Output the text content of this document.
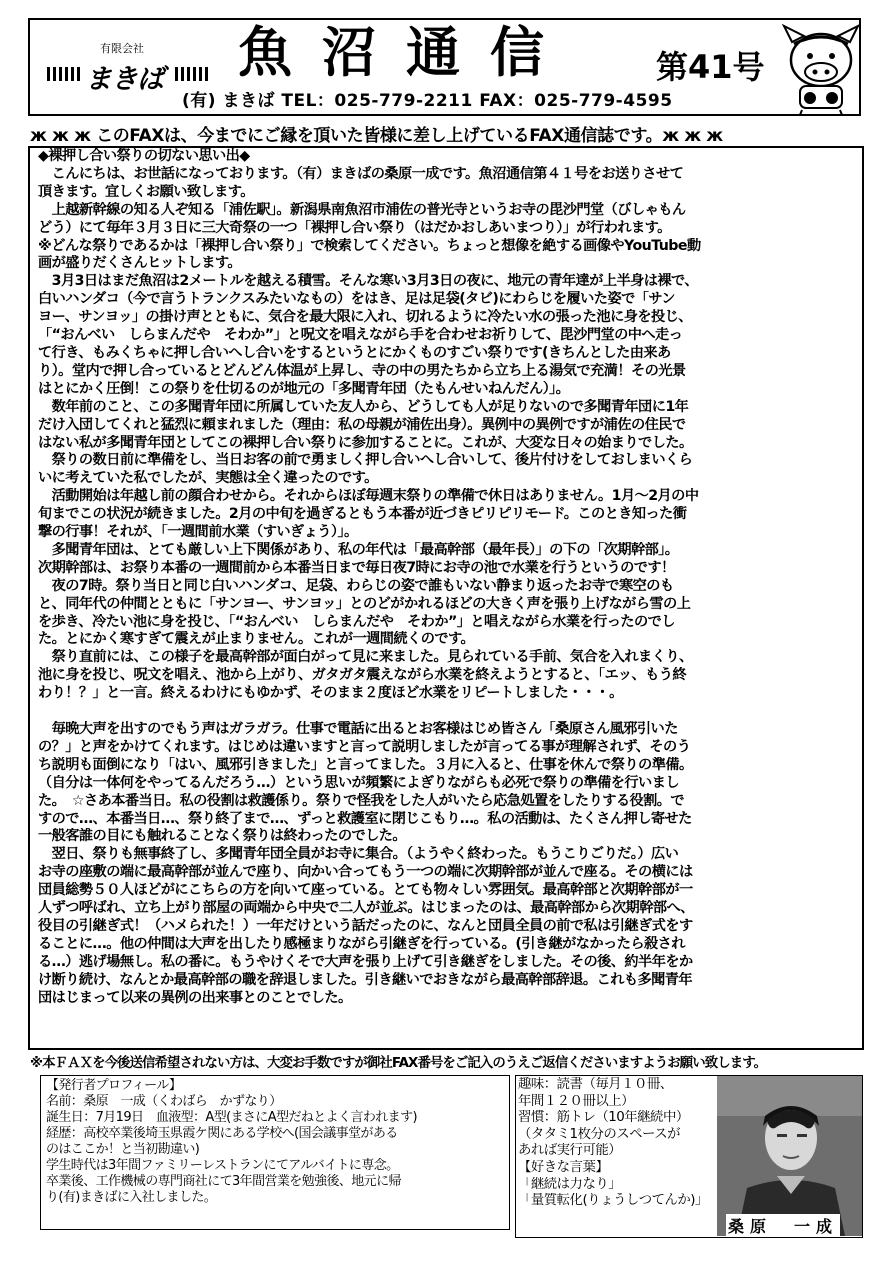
有限会社
まきば 魚沼通信	第41号
(有) まきば TEL：025-779-2211 FAX：025-779-4595
ж ж ж このFAXは、今までにご縁を頂いた皆様に差し上げているFAX通信誌です。ж ж ж

◆裸押し合い祭りの切ない思い出◆

　こんにちは、お世話になっております。（有）まきばの桑原一成です。魚沼通信第４１号をお送りさせて

頂きます。宜しくお願い致します。

　上越新幹線の知る人ぞ知る「浦佐駅」。新潟県南魚沼市浦佐の普光寺というお寺の毘沙門堂（びしゃもん

どう）にて毎年３月３日に三大奇祭の一つ「裸押し合い祭り（はだかおしあいまつり）」が行われます。

※どんな祭りであるかは「裸押し合い祭り」で検索してください。ちょっと想像を絶する画像やYouTube動

画が盛りだくさんヒットします。

　3月3日はまだ魚沼は2メートルを越える積雪。そんな寒い3月3日の夜に、地元の青年達が上半身は裸で、

白いハンダコ（今で言うトランクスみたいなもの）をはき、足は足袋(タビ)にわらじを履いた姿で「サン

ヨー、サンヨッ」の掛け声とともに、気合を最大限に入れ、切れるように冷たい水の張った池に身を投じ、

「“おんべい　しらまんだや　そわか”」と呪文を唱えながら手を合わせお祈りして、毘沙門堂の中へ走っ

て行き、もみくちゃに押し合いへし合いをするというとにかくものすごい祭りです(きちんとした由来あ

り）。堂内で押し合っているとどんどん体温が上昇し、寺の中の男たちから立ち上る湯気で充満！その光景

はとにかく圧倒！この祭りを仕切るのが地元の「多聞青年団（たもんせいねんだん）」。

　数年前のこと、この多聞青年団に所属していた友人から、どうしても人が足りないので多聞青年団に1年

だけ入団してくれと猛烈に頼まれました（理由：私の母親が浦佐出身）。異例中の異例ですが浦佐の住民で

はない私が多聞青年団としてこの裸押し合い祭りに参加することに。これが、大変な日々の始まりでした。

　祭りの数日前に準備をし、当日お客の前で勇ましく押し合いへし合いして、後片付けをしておしまいくら

いに考えていた私でしたが、実態は全く違ったのです。

　活動開始は年越し前の顔合わせから。それからほぼ毎週末祭りの準備で休日はありません。1月～2月の中

旬までこの状況が続きました。2月の中旬を過ぎるともう本番が近づきピリピリモード。このとき知った衝

撃の行事！それが、「一週間前水業（すいぎょう）」。

　多聞青年団は、とても厳しい上下関係があり、私の年代は「最高幹部（最年長）」の下の「次期幹部」。

次期幹部は、お祭り本番の一週間前から本番当日まで毎日夜7時にお寺の池で水業を行うというのです！

　夜の7時。祭り当日と同じ白いハンダコ、足袋、わらじの姿で誰もいない静まり返ったお寺で寒空のも

と、同年代の仲間とともに「サンヨー、サンヨッ」とのどがかれるほどの大きく声を張り上げながら雪の上

を歩き、冷たい池に身を投じ、「“おんべい　しらまんだや　そわか”」と唱えながら水業を行ったのでし

た。とにかく寒すぎて震えが止まりません。これが一週間続くのです。

　祭り直前には、この様子を最高幹部が面白がって見に来ました。見られている手前、気合を入れまくり、

池に身を投じ、呪文を唱え、池から上がり、ガタガタ震えながら水業を終えようとすると、「エッ、もう終

わり！？」と一言。終えるわけにもゆかず、そのまま２度ほど水業をリピートしました・・・。

　毎晩大声を出すのでもう声はガラガラ。仕事で電話に出るとお客様はじめ皆さん「桑原さん風邪引いた

の？」と声をかけてくれます。はじめは違いますと言って説明しましたが言ってる事が理解されず、そのう

ち説明も面倒になり「はい、風邪引きました」と言ってました。３月に入ると、仕事を休んで祭りの準備。

（自分は一体何をやってるんだろう…）という思いが頻繁によぎりながらも必死で祭りの準備を行いまし

た。　☆さあ本番当日。私の役割は救護係り。祭りで怪我をした人がいたら応急処置をしたりする役割。で

すので…、本番当日…、祭り終了まで…、ずっと救護室に閉じこもり…。私の活動は、たくさん押し寄せた

一般客誰の目にも触れることなく祭りは終わったのでした。

　翌日、祭りも無事終了し、多聞青年団全員がお寺に集合。（ようやく終わった。もうこりごりだ。）広い

お寺の座敷の端に最高幹部が並んで座り、向かい合ってもう一つの端に次期幹部が並んで座る。その横には

団員総勢５０人ほどがにこちらの方を向いて座っている。とても物々しい雰囲気。最高幹部と次期幹部が一

人ずつ呼ばれ、立ち上がり部屋の両端から中央で二人が並ぶ。はじまったのは、最高幹部から次期幹部へ、

役目の引継ぎ式！（ハメられた！）一年だけという話だったのに、なんと団員全員の前で私は引継ぎ式をす

ることに…。他の仲間は大声を出したり感極まりながら引継ぎを行っている。(引き継がなかったら殺され

る…）逃げ場無し。私の番に。もうやけくそで大声を張り上げて引き継ぎをしました。その後、約半年をか

け断り続け、なんとか最高幹部の職を辞退しました。引き継いでおきながら最高幹部辞退。これも多聞青年

団はじまって以来の異例の出来事とのことでした。

※本ＦＡＸを今後送信希望されない方は、大変お手数ですが御社FAX番号をご記入のうえご返信くださいますようお願い致します。

【発行者プロフィール】

名前：桑原　一成（くわばら　かずなり）

誕生日：7月19日　血液型：A型(まさにA型だねとよく言われます)

経歴：高校卒業後埼玉県霞ケ関にある学校へ(国会議事堂がある

のはここか！と当初勘違い)

学生時代は3年間ファミリーレストランにてアルバイトに専念。

卒業後、工作機械の専門商社にて3年間営業を勉強後、地元に帰

り(有)まきばに入社しました。

趣味：読書（毎月１０冊、

年間１２０冊以上）

習慣：筋トレ（10年継続中）

（タタミ1枚分のスペースが

あれば実行可能）

【好きな言葉】

「継続は力なり」

「量質転化(りょうしつてんか)」

桑原　一成
